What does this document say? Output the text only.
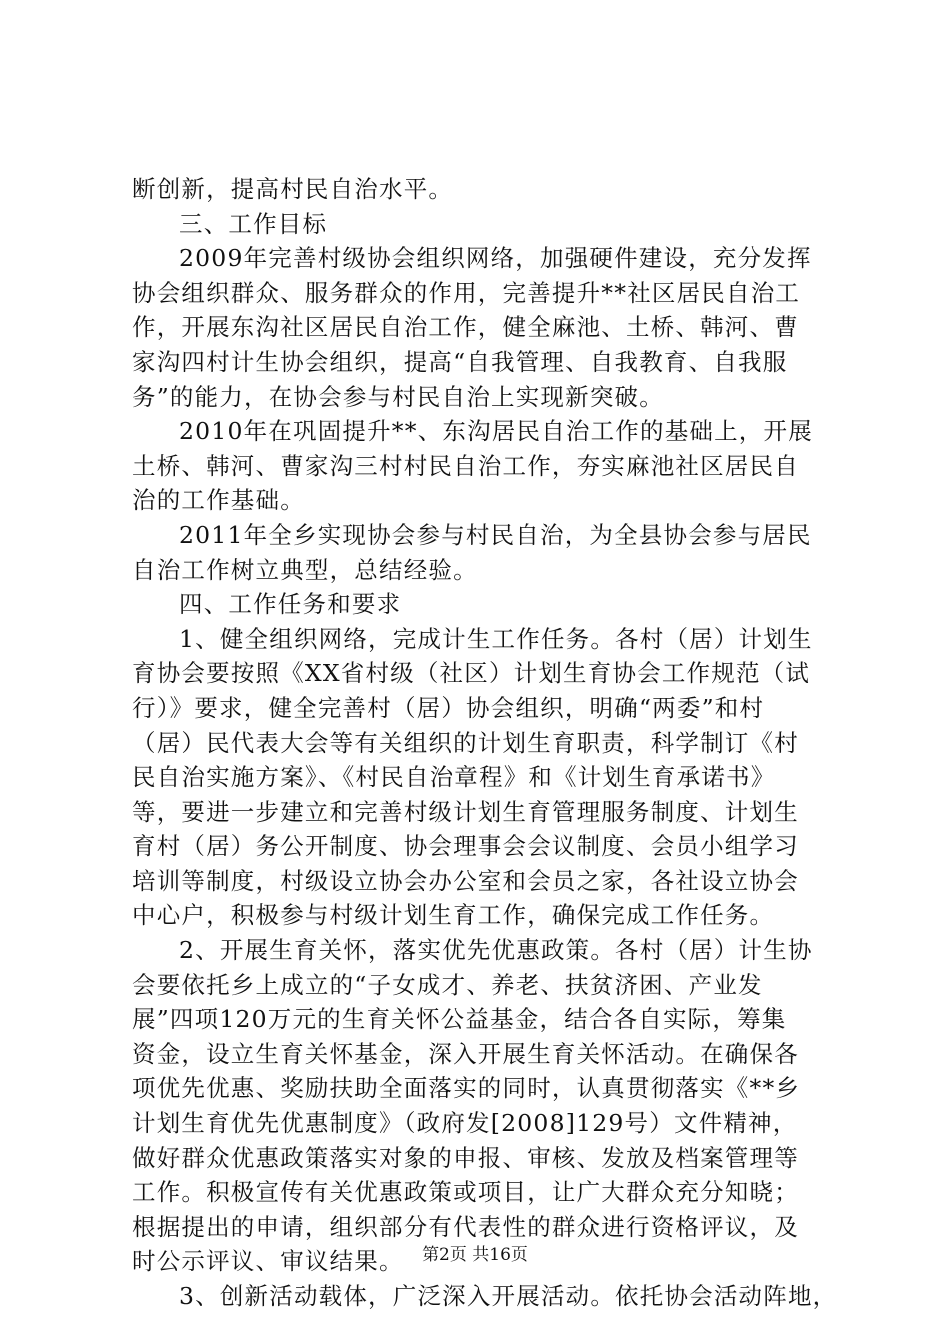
断创新，提高村民自治水平。
三、工作目标
2009年完善村级协会组织网络，加强硬件建设，充分发挥
协会组织群众、服务群众的作用，完善提升**社区居民自治工
作，开展东沟社区居民自治工作，健全麻池、土桥、韩河、曹
家沟四村计生协会组织，提高“自我管理、自我教育、自我服
务”的能力，在协会参与村民自治上实现新突破。
2010年在巩固提升**、东沟居民自治工作的基础上，开展
土桥、韩河、曹家沟三村村民自治工作，夯实麻池社区居民自
治的工作基础。
2011年全乡实现协会参与村民自治，为全县协会参与居民
自治工作树立典型，总结经验。
四、工作任务和要求
1、健全组织网络，完成计生工作任务。各村（居）计划生
育协会要按照《XX省村级（社区）计划生育协会工作规范（试
行）》要求，健全完善村（居）协会组织，明确“两委”和村
（居）民代表大会等有关组织的计划生育职责，科学制订《村
民自治实施方案》、《村民自治章程》和《计划生育承诺书》
等，要进一步建立和完善村级计划生育管理服务制度、计划生
育村（居）务公开制度、协会理事会会议制度、会员小组学习
培训等制度，村级设立协会办公室和会员之家，各社设立协会
中心户，积极参与村级计划生育工作，确保完成工作任务。
2、开展生育关怀，落实优先优惠政策。各村（居）计生协
会要依托乡上成立的“子女成才、养老、扶贫济困、产业发
展”四项120万元的生育关怀公益基金，结合各自实际，筹集
资金，设立生育关怀基金，深入开展生育关怀活动。在确保各
项优先优惠、奖励扶助全面落实的同时，认真贯彻落实《**乡
计划生育优先优惠制度》（政府发[2008]129号）文件精神，
做好群众优惠政策落实对象的申报、审核、发放及档案管理等
工作。积极宣传有关优惠政策或项目，让广大群众充分知晓；
根据提出的申请，组织部分有代表性的群众进行资格评议，及
时公示评议、审议结果。
3、创新活动载体，广泛深入开展活动。依托协会活动阵地，
第2页 共16页
